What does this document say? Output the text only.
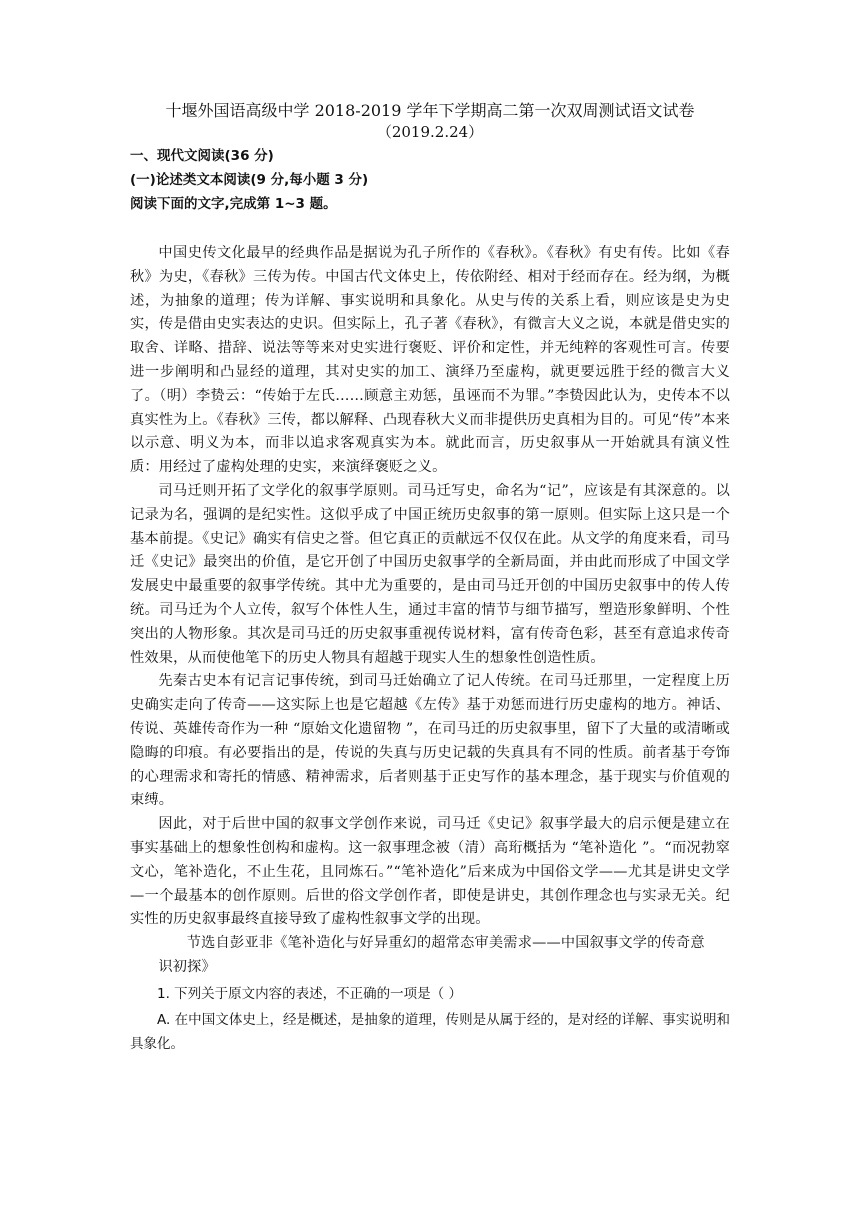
十堰外国语高级中学 2018-2019 学年下学期高二第一次双周测试语文试卷

（2019.2.24）

一、现代文阅读(36 分)

(一)论述类文本阅读(9 分,每小题 3 分)

阅读下面的文字,完成第 1~3 题。

中国史传文化最早的经典作品是据说为孔子所作的《春秋》。《春秋》有史有传。比如《春秋》为史，《春秋》三传为传。中国古代文体史上，传依附经、相对于经而存在。经为纲，为概述，为抽象的道理；传为详解、事实说明和具象化。从史与传的关系上看，则应该是史为史实，传是借由史实表达的史识。但实际上，孔子著《春秋》，有微言大义之说，本就是借史实的取舍、详略、措辞、说法等等来对史实进行褒贬、评价和定性，并无纯粹的客观性可言。传要进一步阐明和凸显经的道理，其对史实的加工、演绎乃至虚构，就更要远胜于经的微言大义了。（明）李贽云：“传始于左氏……顾意主劝惩，虽诬而不为罪。”李贽因此认为，史传本不以真实性为上。《春秋》三传，都以解释、凸现春秋大义而非提供历史真相为目的。可见“传”本来以示意、明义为本，而非以追求客观真实为本。就此而言，历史叙事从一开始就具有演义性质：用经过了虚构处理的史实，来演绎褒贬之义。

司马迁则开拓了文学化的叙事学原则。司马迁写史，命名为“记”，应该是有其深意的。以记录为名，强调的是纪实性。这似乎成了中国正统历史叙事的第一原则。但实际上这只是一个基本前提。《史记》确实有信史之誉。但它真正的贡献远不仅仅在此。从文学的角度来看，司马迁《史记》最突出的价值，是它开创了中国历史叙事学的全新局面，并由此而形成了中国文学发展史中最重要的叙事学传统。其中尤为重要的，是由司马迁开创的中国历史叙事中的传人传统。司马迁为个人立传，叙写个体性人生，通过丰富的情节与细节描写，塑造形象鲜明、个性突出的人物形象。其次是司马迁的历史叙事重视传说材料，富有传奇色彩，甚至有意追求传奇性效果，从而使他笔下的历史人物具有超越于现实人生的想象性创造性质。

先秦古史本有记言记事传统，到司马迁始确立了记人传统。在司马迁那里，一定程度上历史确实走向了传奇——这实际上也是它超越《左传》基于劝惩而进行历史虚构的地方。神话、传说、英雄传奇作为一种 “原始文化遗留物 ”，在司马迁的历史叙事里，留下了大量的或清晰或隐晦的印痕。有必要指出的是，传说的失真与历史记载的失真具有不同的性质。前者基于夸饰的心理需求和寄托的情感、精神需求，后者则基于正史写作的基本理念，基于现实与价值观的束缚。

因此，对于后世中国的叙事文学创作来说，司马迁《史记》叙事学最大的启示便是建立在事实基础上的想象性创构和虚构。这一叙事理念被（清）高珩概括为 “笔补造化 ”。“而况勃窣文心，笔补造化，不止生花，且同炼石。”“笔补造化”后来成为中国俗文学——尤其是讲史文学—一个最基本的创作原则。后世的俗文学创作者，即使是讲史，其创作理念也与实录无关。纪实性的历史叙事最终直接导致了虚构性叙事文学的出现。

节选自彭亚非《笔补造化与好异重幻的超常态审美需求——中国叙事文学的传奇意
识初探》

1. 下列关于原文内容的表述，不正确的一项是（ ）

A. 在中国文体史上，经是概述，是抽象的道理，传则是从属于经的，是对经的详解、事实说明和具象化。
